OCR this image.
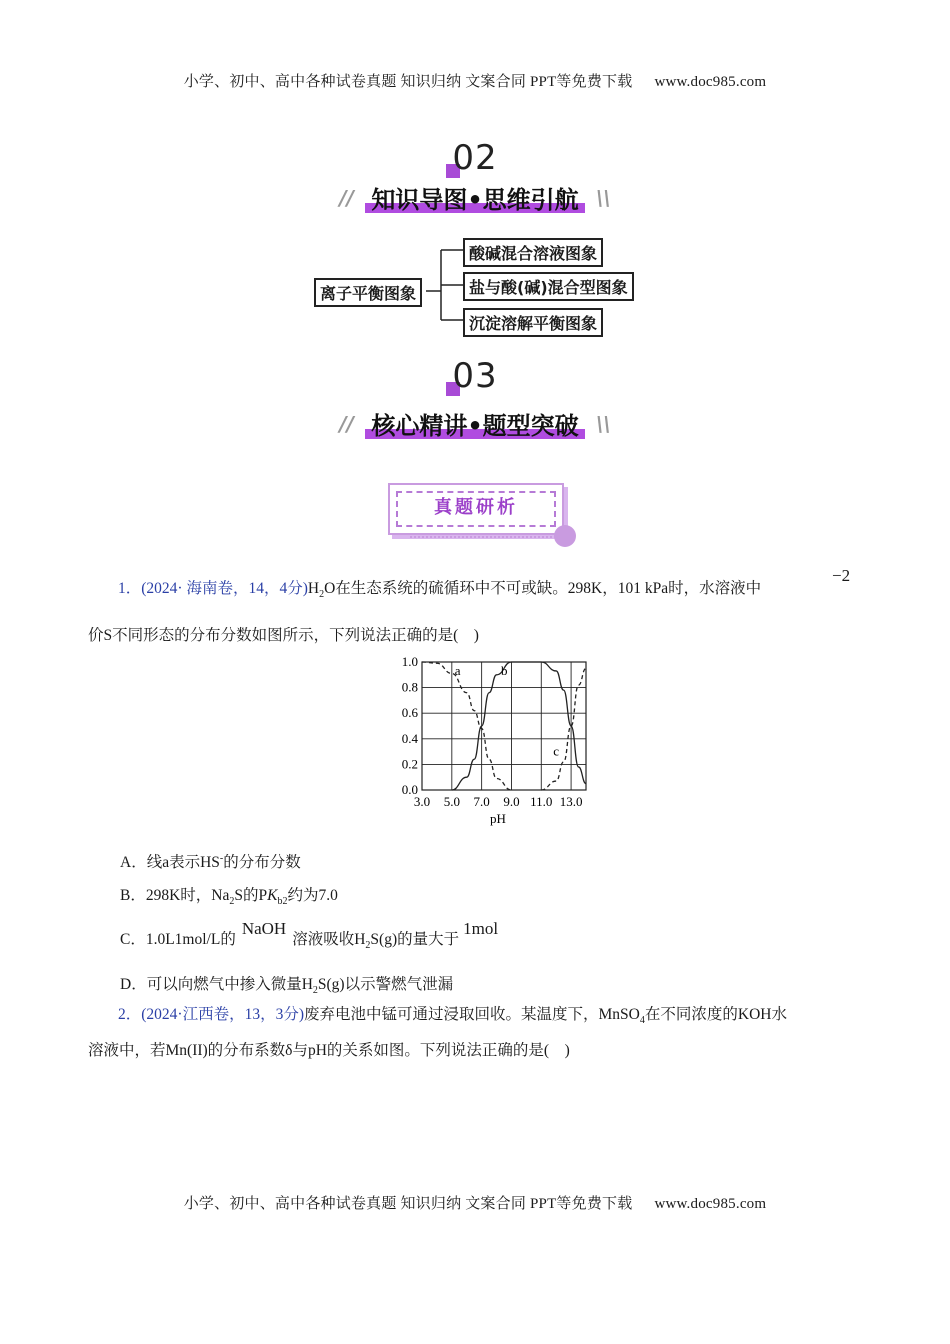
小学、初中、高中各种试卷真题 知识归纳 文案合同 PPT等免费下载 www.doc985.com
02
// 知识导图•思维引航 \\
离子平衡图象
酸碱混合溶液图象
盐与酸(碱)混合型图象
沉淀溶解平衡图象
03
// 核心精讲•题型突破 \\
真题研析
1．(2024· 海南卷，14，4分)$H_2O$在生态系统的硫循环中不可或缺。298K，101 kPa时，水溶液中
−2
价S不同形态的分布分数如图所示，下列说法正确的是(　)
a	b
c
3.0 5.0 7.0 9.0 11.0 13.0
0.0
0.2
0.4
0.6
0.8
1.0
pH
A．线a表示HS-的分布分数
B．298K时，$Na_2S$的$PK_{b2}$约为7.0
C．1.0L1mol/L的NaOH溶液吸收$H_2S(g)$的量大于1mol
D．可以向燃气中掺入微量$H_2S(g)$以示警燃气泄漏
2．(2024·江西卷，13，3分)废弃电池中锰可通过浸取回收。某温度下，MnSO$_4$在不同浓度的KOH水
溶液中，若Mn(II)的分布系数δ与pH的关系如图。下列说法正确的是(　)
小学、初中、高中各种试卷真题 知识归纳 文案合同 PPT等免费下载 www.doc985.com
